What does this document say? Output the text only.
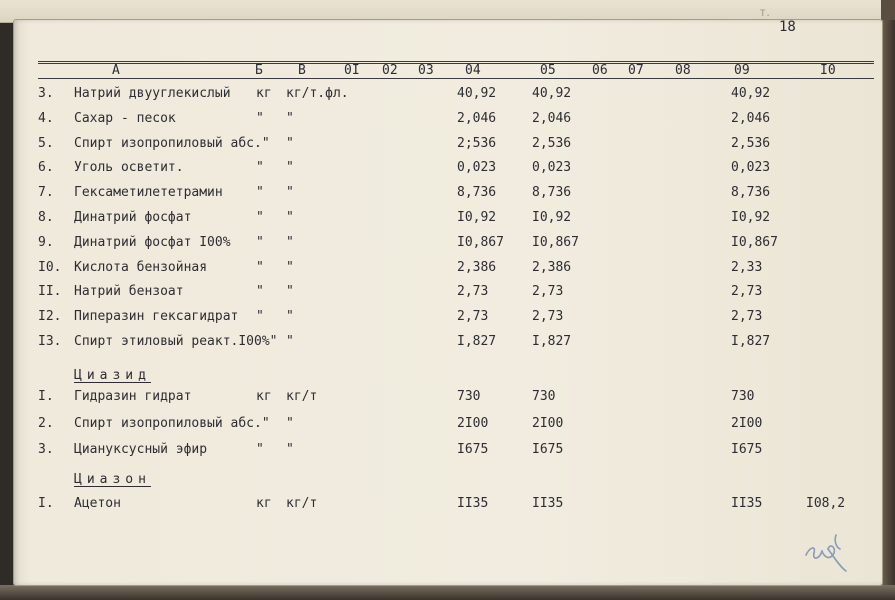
Т.
18
А	Б	В	0I 02 03 04	05	06 07 08	09	I0
3. Натрий двууглекислый кг кг/т.фл.	40,92	40,92	40,92
4. Сахар - песок	" "	2,046	2,046	2,046
5. Спирт изопропиловый абс." "	2;536	2,536	2,536
6. Уголь осветит.	" "	0,023	0,023	0,023
7. Гексаметилететрамин	" "	8,736	8,736	8,736
8. Динатрий фосфат	" "	I0,92	I0,92	I0,92
9. Динатрий фосфат I00% " "	I0,867 I0,867	I0,867
I0. Кислота бензойная	" "	2,386	2,386	2,33
II. Натрий бензоат	" "	2,73	2,73	2,73
I2. Пиперазин гексагидрат " "	2,73	2,73	2,73
I3. Спирт этиловый реакт.I00%" "	I,827	I,827	I,827
I. Гидразин гидрат	кг кг/т	730	730	730
2. Спирт изопропиловый абс." "	2I00	2I00	2I00
3. Циануксусный эфир	" "	I675	I675	I675
I. Ацетон	кг кг/т	II35	II35	II35	I08,2
Циазид
Циазон
